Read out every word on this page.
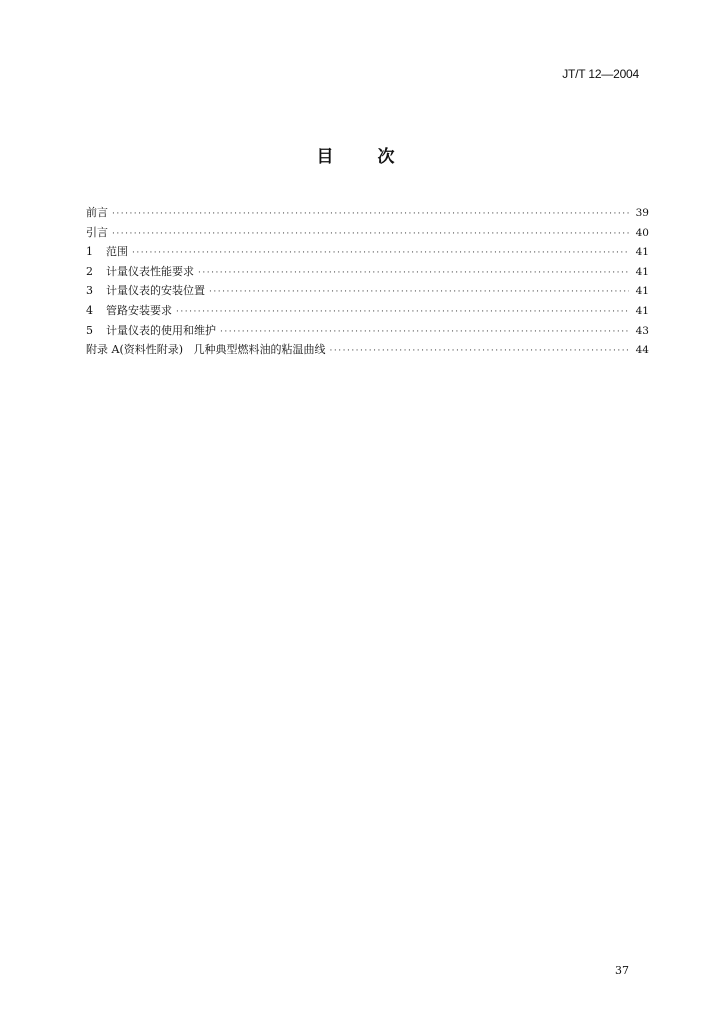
JT/T 12—2004
目	次
前言 ·····	39
引言 ·····	40
1	范围 ·····	41
2	计量仪表性能要求 ·····	41
3	计量仪表的安装位置 ·····	41
4	管路安装要求 ·····	41
5	计量仪表的使用和维护 ·····	43
附录 A(资料性附录)   几种典型燃料油的粘温曲线 ·····	44
37
